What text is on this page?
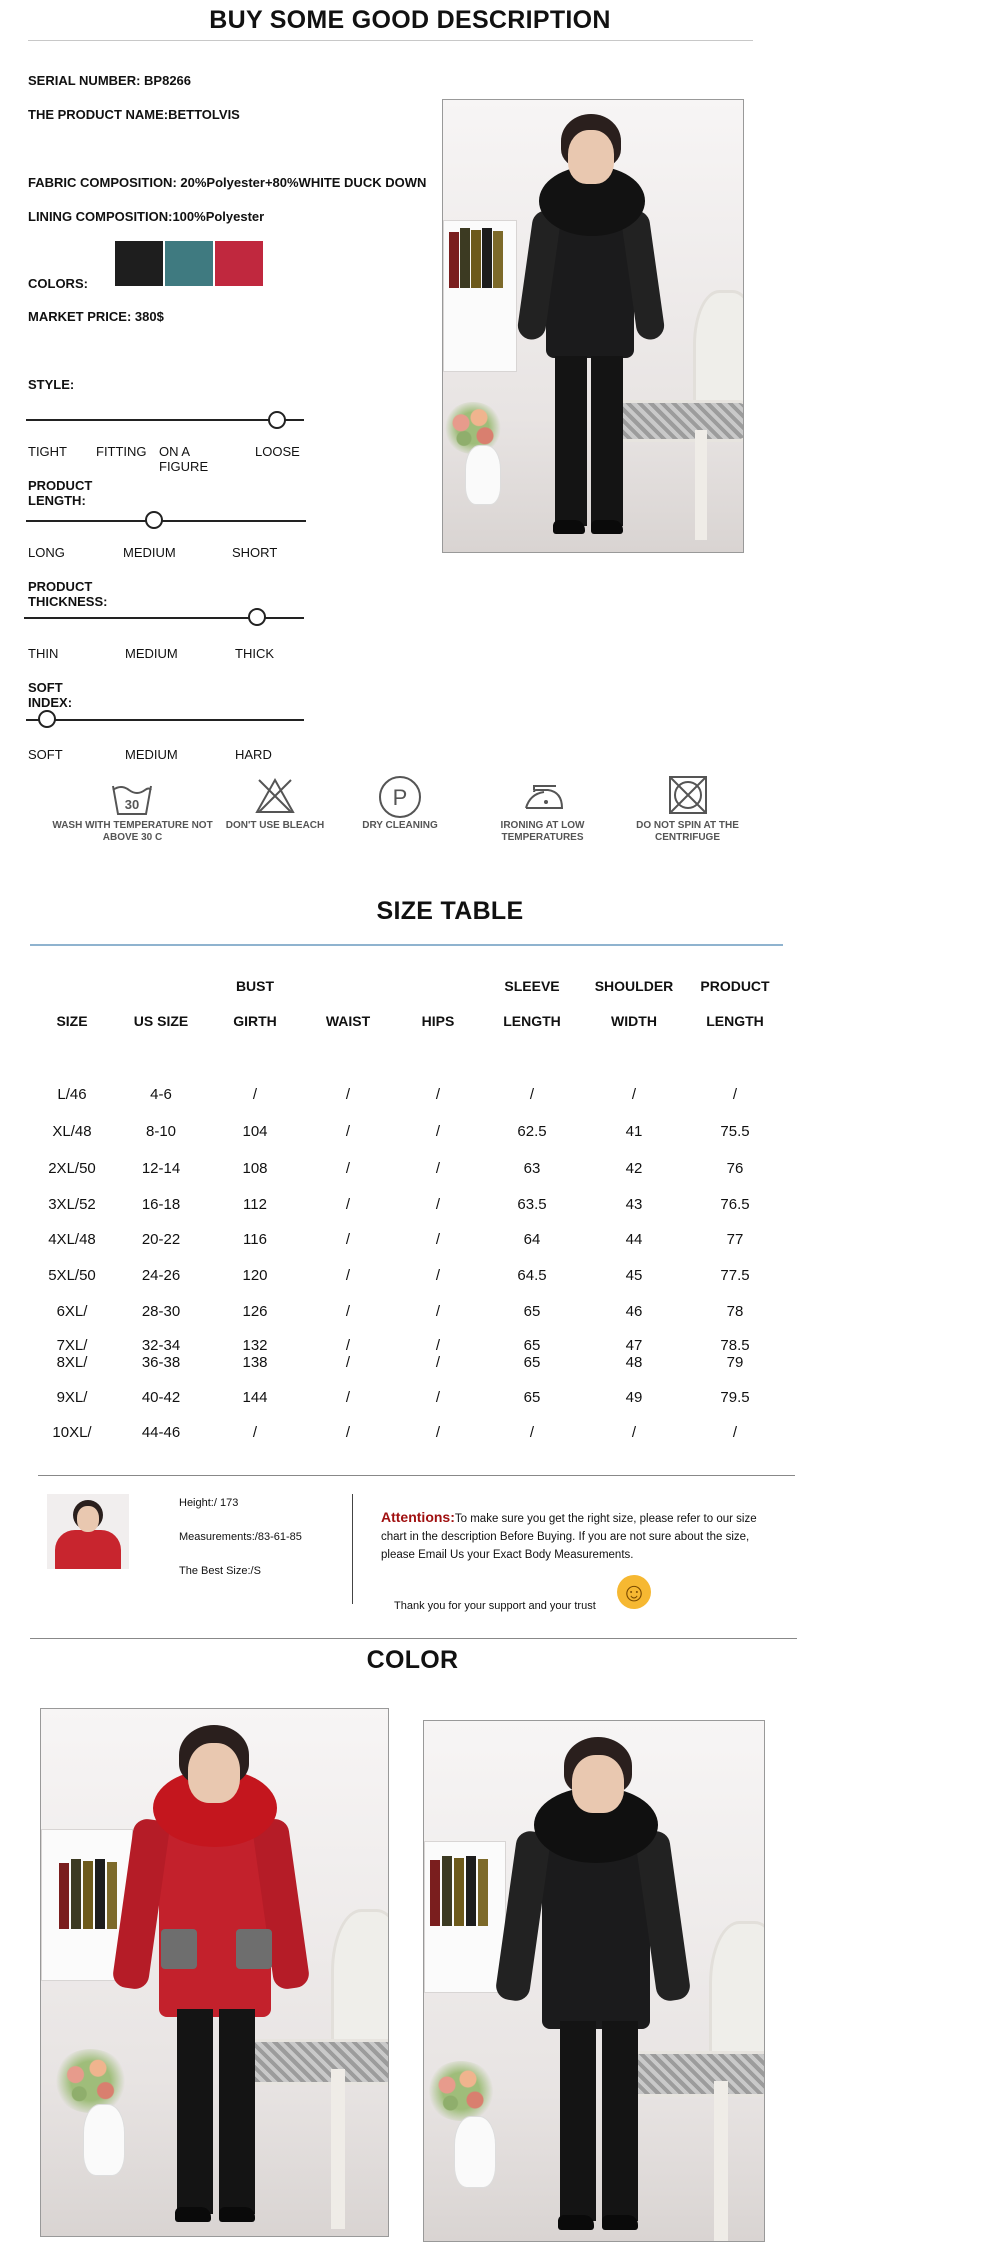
BUY SOME GOOD DESCRIPTION
SERIAL NUMBER: BP8266
THE PRODUCT NAME:BETTOLVIS
FABRIC COMPOSITION: 20%Polyester+80%WHITE DUCK DOWN
LINING COMPOSITION:100%Polyester
COLORS:
MARKET PRICE: 380$
STYLE:
TIGHT FITTING ON A FIGURE
LOOSE
PRODUCT LENGTH:
LONG	MEDIUM	SHORT
PRODUCT THICKNESS:
THIN	MEDIUM	THICK
SOFT INDEX:
SOFT	MEDIUM	HARD
30
WASH WITH TEMPERATURE NOT ABOVE 30 C
DON'T USE BLEACH
P
DRY CLEANING	IRONING AT LOW TEMPERATURES
DO NOT SPIN AT THE CENTRIFUGE
SIZE TABLE
BUST	SLEEVE	SHOULDER	PRODUCT
SIZE	US SIZE	GIRTH	WAIST	HIPS	LENGTH	WIDTH	LENGTH
L/46	4-6	/	/	/	/	/	/
XL/48	8-10	104	/	/	62.5	41	75.5
2XL/50	12-14	108	/	/	63	42	76
3XL/52	16-18	112	/	/	63.5	43	76.5
4XL/48	20-22	116	/	/	64	44	77
5XL/50	24-26	120	/	/	64.5	45	77.5
6XL/	28-30	126	/	/	65	46	78
7XL/	32-34	132	/	/	65	47	78.5
8XL/	36-38	138	/	/	65	48	79
9XL/	40-42	144	/	/	65	49	79.5
10XL/	44-46	/	/	/	/	/	/
Height:/ 173
Measurements:/83-61-85
The Best Size:/S
Attentions:To make sure you get the right size, please refer to our size
chart in the description Before Buying. If you are not sure about the size,
please Email Us your Exact Body Measurements.
Thank you for your support and your trust ☺
COLOR
